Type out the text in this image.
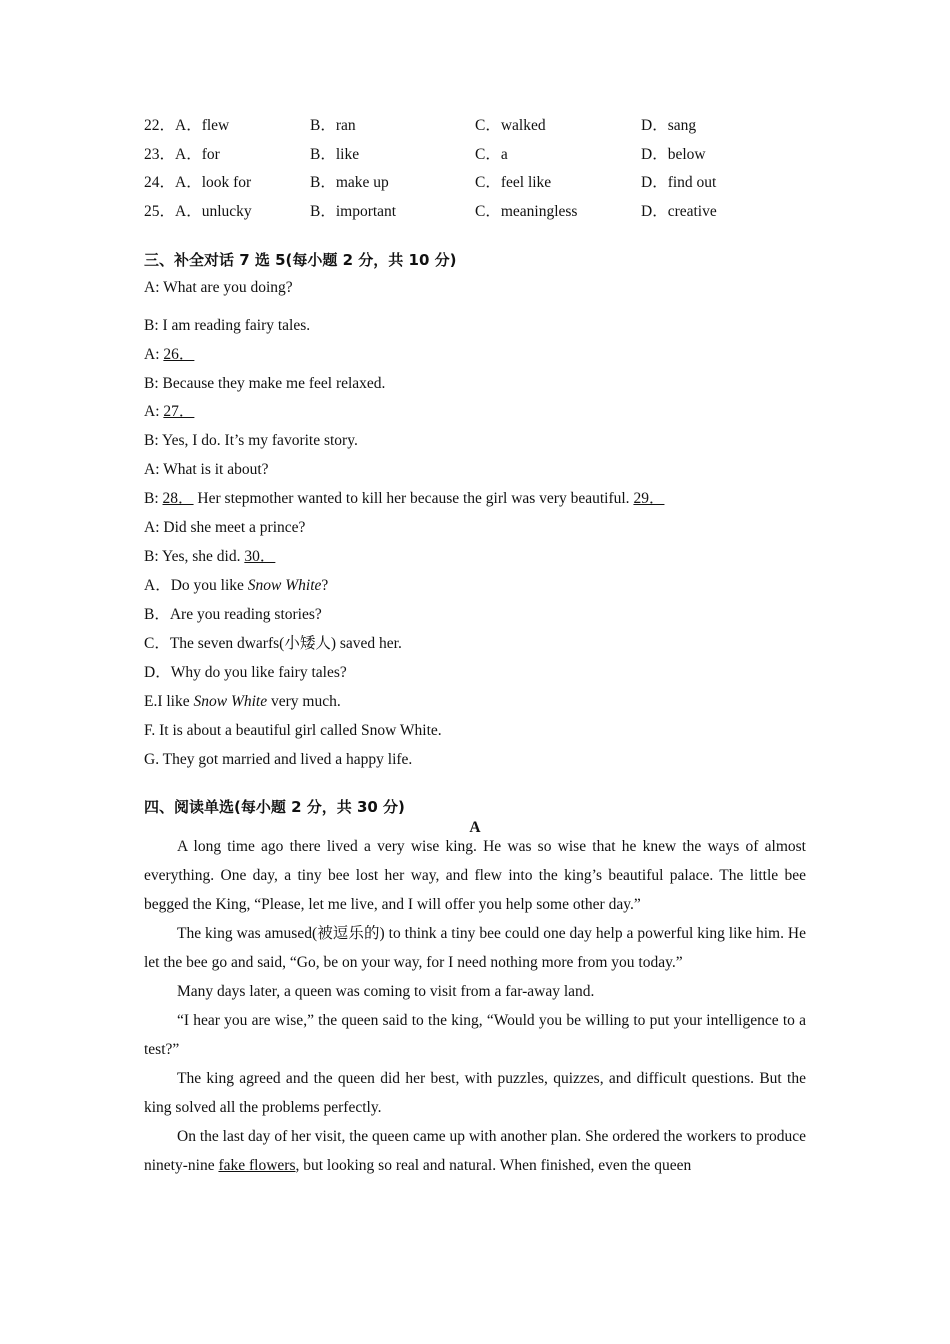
22．A．flew	B．ran	C．walked	D．sang
23．A．for	B．like	C．a	D．below
24．A．look for	B．make up	C．feel like	D．find out
25．A．unlucky	B．important	C．meaningless	D．creative
三、补全对话 7 选 5(每小题 2 分，共 10 分)
A: What are you doing?
B: I am reading fairy tales.
A: 26．
B: Because they make me feel relaxed.
A: 27．
B: Yes, I do. It’s my favorite story.
A: What is it about?
B: 28． Her stepmother wanted to kill her because the girl was very beautiful. 29．
A: Did she meet a prince?
B: Yes, she did. 30．
A．Do you like Snow White?
B．Are you reading stories?
C．The seven dwarfs(小矮人) saved her.
D．Why do you like fairy tales?
E.I like Snow White very much.
F. It is about a beautiful girl called Snow White.
G. They got married and lived a happy life.
四、阅读单选(每小题 2 分，共 30 分)
A
A long time ago there lived a very wise king. He was so wise that he knew the ways of almost everything. One day, a tiny bee lost her way, and flew into the king’s beautiful palace. The little bee begged the King, “Please, let me live, and I will offer you help some other day.”
The king was amused(被逗乐的) to think a tiny bee could one day help a powerful king like him. He let the bee go and said, “Go, be on your way, for I need nothing more from you today.”
Many days later, a queen was coming to visit from a far-away land.
“I hear you are wise,” the queen said to the king, “Would you be willing to put your intelligence to a test?”
The king agreed and the queen did her best, with puzzles, quizzes, and difficult questions. But the king solved all the problems perfectly.
On the last day of her visit, the queen came up with another plan. She ordered the workers to produce ninety-nine fake flowers, but looking so real and natural. When finished, even the queen
